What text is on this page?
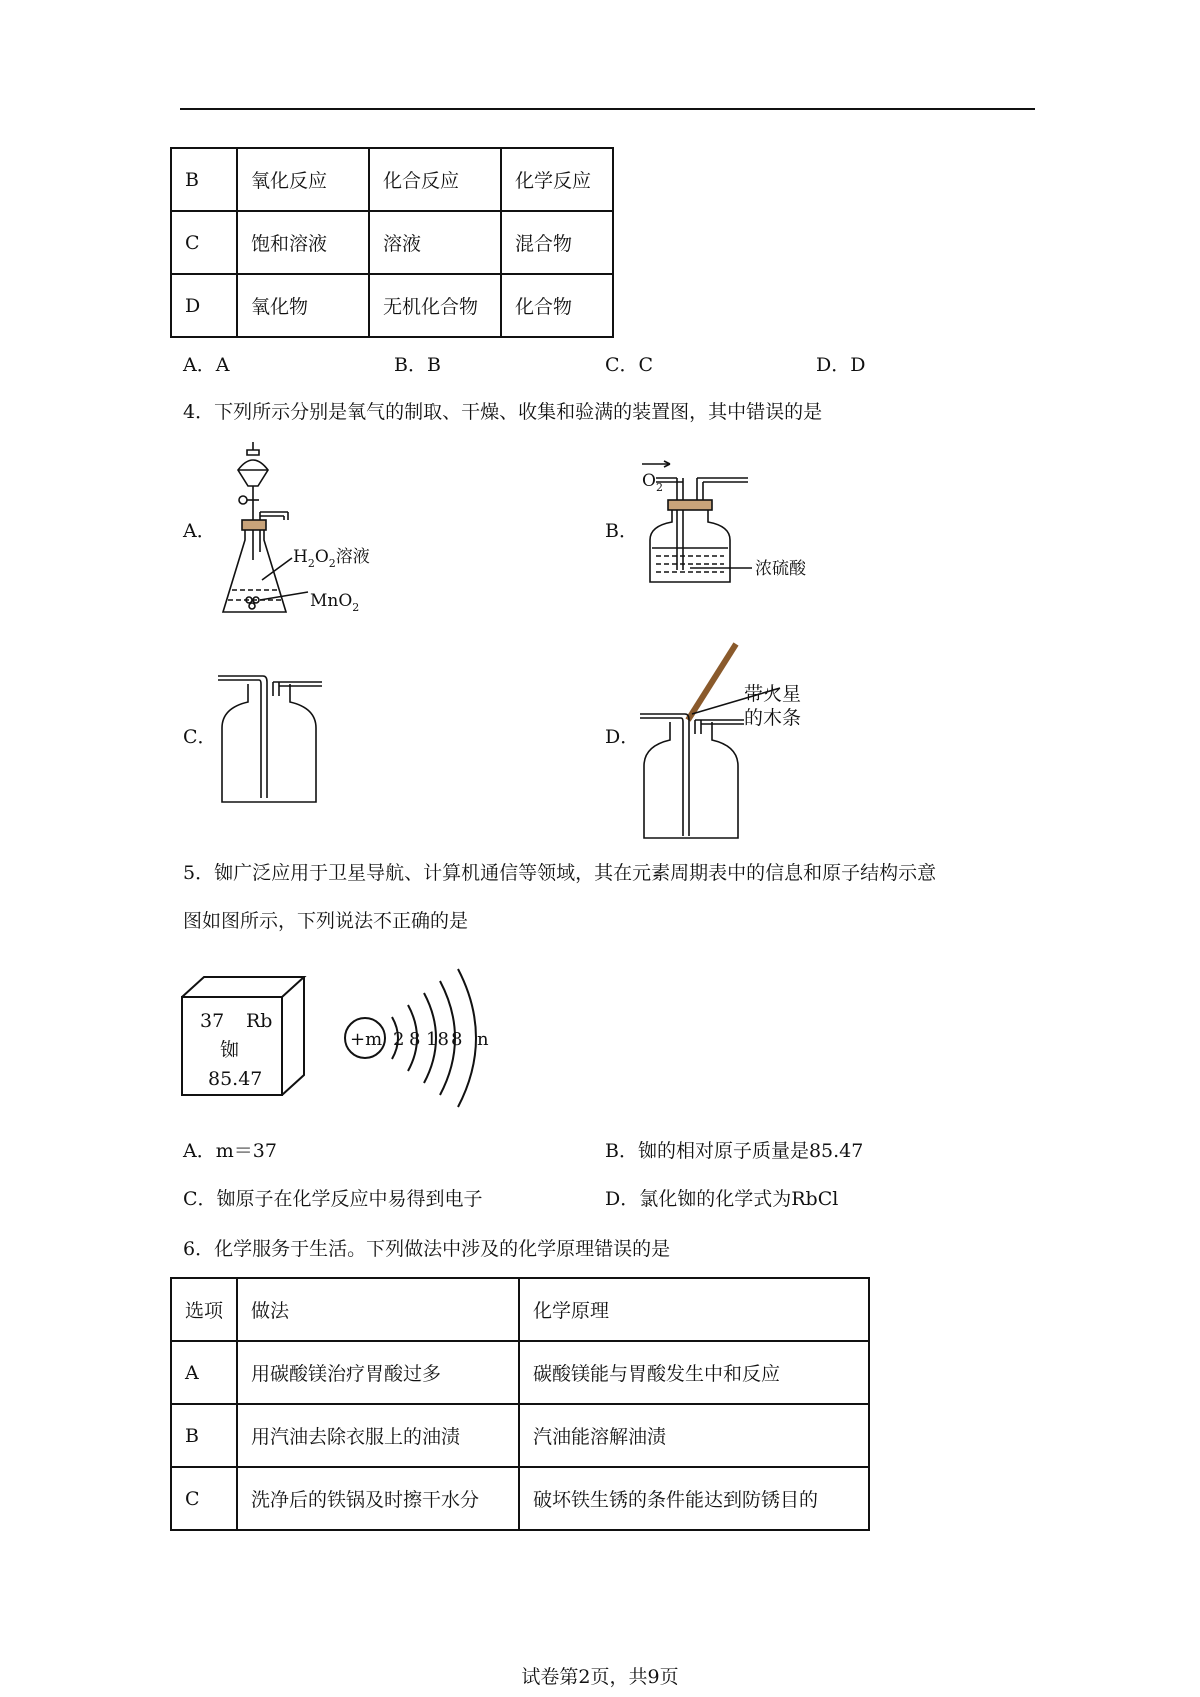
B	氧化反应	化合反应	化学反应
C	饱和溶液	溶液	混合物
D	氧化物	无机化合物	化合物
A．A	B．B	C．C	D．D
4．下列所示分别是氧气的制取、干燥、收集和验满的装置图，其中错误的是
A．	B．
C．	D．
$H_2O_2$溶液
MnO$_2$
$O_2$
浓硫酸
带火星
的木条
5．铷广泛应用于卫星导航、计算机通信等领域，其在元素周期表中的信息和原子结构示意
图如图所示，下列说法不正确的是
37 Rb
铷
85.47
+m 2 8 18 8 n
A．m＝37	B．铷的相对原子质量是85.47
C．铷原子在化学反应中易得到电子	D．氯化铷的化学式为RbCl
6．化学服务于生活。下列做法中涉及的化学原理错误的是
选项	做法	化学原理
A	用碳酸镁治疗胃酸过多	碳酸镁能与胃酸发生中和反应
B	用汽油去除衣服上的油渍	汽油能溶解油渍
C	洗净后的铁锅及时擦干水分	破坏铁生锈的条件能达到防锈目的
试卷第2页，共9页
